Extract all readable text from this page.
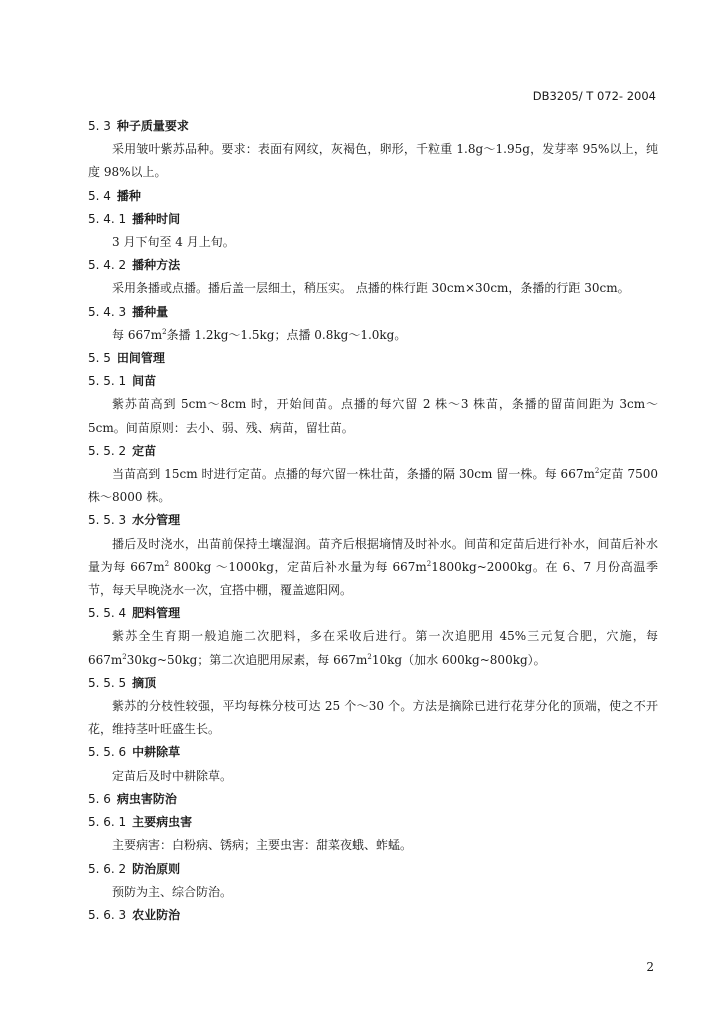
DB3205/ T 072- 2004
5. 3 种子质量要求
采用皱叶紫苏品种。要求：表面有网纹，灰褐色，卵形，千粒重 1.8g～1.95g，发芽率 95%以上，纯度 98%以上。
5. 4 播种
5. 4. 1 播种时间
3 月下旬至 4 月上旬。
5. 4. 2 播种方法
采用条播或点播。播后盖一层细土，稍压实。 点播的株行距 30cm×30cm，条播的行距 30cm。
5. 4. 3 播种量
每 $667m^2$条播 1.2kg～1.5kg；点播 0.8kg～1.0kg。
5. 5 田间管理
5. 5. 1 间苗
紫苏苗高到 5cm～8cm 时，开始间苗。点播的每穴留 2 株～3 株苗，条播的留苗间距为 3cm～5cm。间苗原则：去小、弱、残、病苗，留壮苗。
5. 5. 2 定苗
当苗高到 15cm 时进行定苗。点播的每穴留一株壮苗，条播的隔 30cm 留一株。每 $667m^2$定苗 7500 株～8000 株。
5. 5. 3 水分管理
播后及时浇水，出苗前保持土壤湿润。苗齐后根据墒情及时补水。间苗和定苗后进行补水，间苗后补水量为每 $667m^2$ 800kg ～1000kg，定苗后补水量为每 $667m^21800kg\sim 2000kg$。在 6、7 月份高温季节，每天早晚浇水一次，宜搭中棚，覆盖遮阳网。
5. 5. 4 肥料管理
紫苏全生育期一般追施二次肥料，多在采收后进行。第一次追肥用 45%三元复合肥，穴施，每 $667m^230kg\sim 50kg$；第二次追肥用尿素，每 $667m^210kg$（加水 600kg~800kg）。
5. 5. 5 摘顶
紫苏的分枝性较强，平均每株分枝可达 25 个～30 个。方法是摘除已进行花芽分化的顶端，使之不开花，维持茎叶旺盛生长。
5. 5. 6 中耕除草
定苗后及时中耕除草。
5. 6 病虫害防治
5. 6. 1 主要病虫害
主要病害：白粉病、锈病；主要虫害：甜菜夜蛾、蚱蜢。
5. 6. 2 防治原则
预防为主、综合防治。
5. 6. 3 农业防治
2
